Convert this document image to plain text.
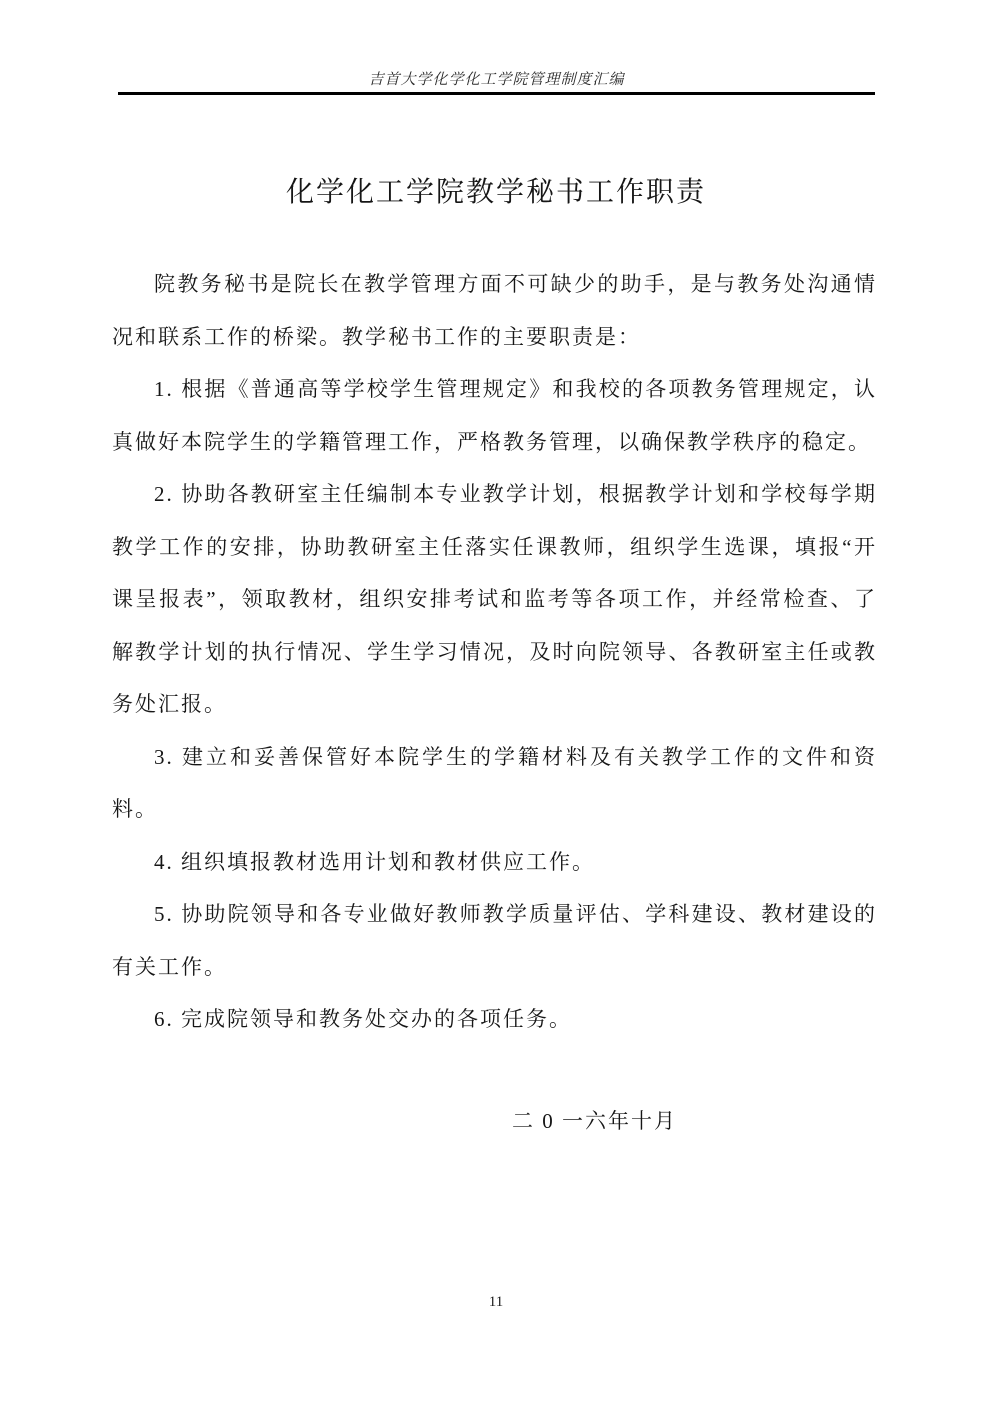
吉首大学化学化工学院管理制度汇编
化学化工学院教学秘书工作职责

院教务秘书是院长在教学管理方面不可缺少的助手，是与教务处沟通情况和联系工作的桥梁。教学秘书工作的主要职责是：

1. 根据《普通高等学校学生管理规定》和我校的各项教务管理规定，认真做好本院学生的学籍管理工作，严格教务管理，以确保教学秩序的稳定。

2. 协助各教研室主任编制本专业教学计划，根据教学计划和学校每学期教学工作的安排，协助教研室主任落实任课教师，组织学生选课，填报“开课呈报表”，领取教材，组织安排考试和监考等各项工作，并经常检查、了解教学计划的执行情况、学生学习情况，及时向院领导、各教研室主任或教务处汇报。

3. 建立和妥善保管好本院学生的学籍材料及有关教学工作的文件和资料。

4. 组织填报教材选用计划和教材供应工作。

5. 协助院领导和各专业做好教师教学质量评估、学科建设、教材建设的有关工作。

6. 完成院领导和教务处交办的各项任务。

二 0 一六年十月
11
